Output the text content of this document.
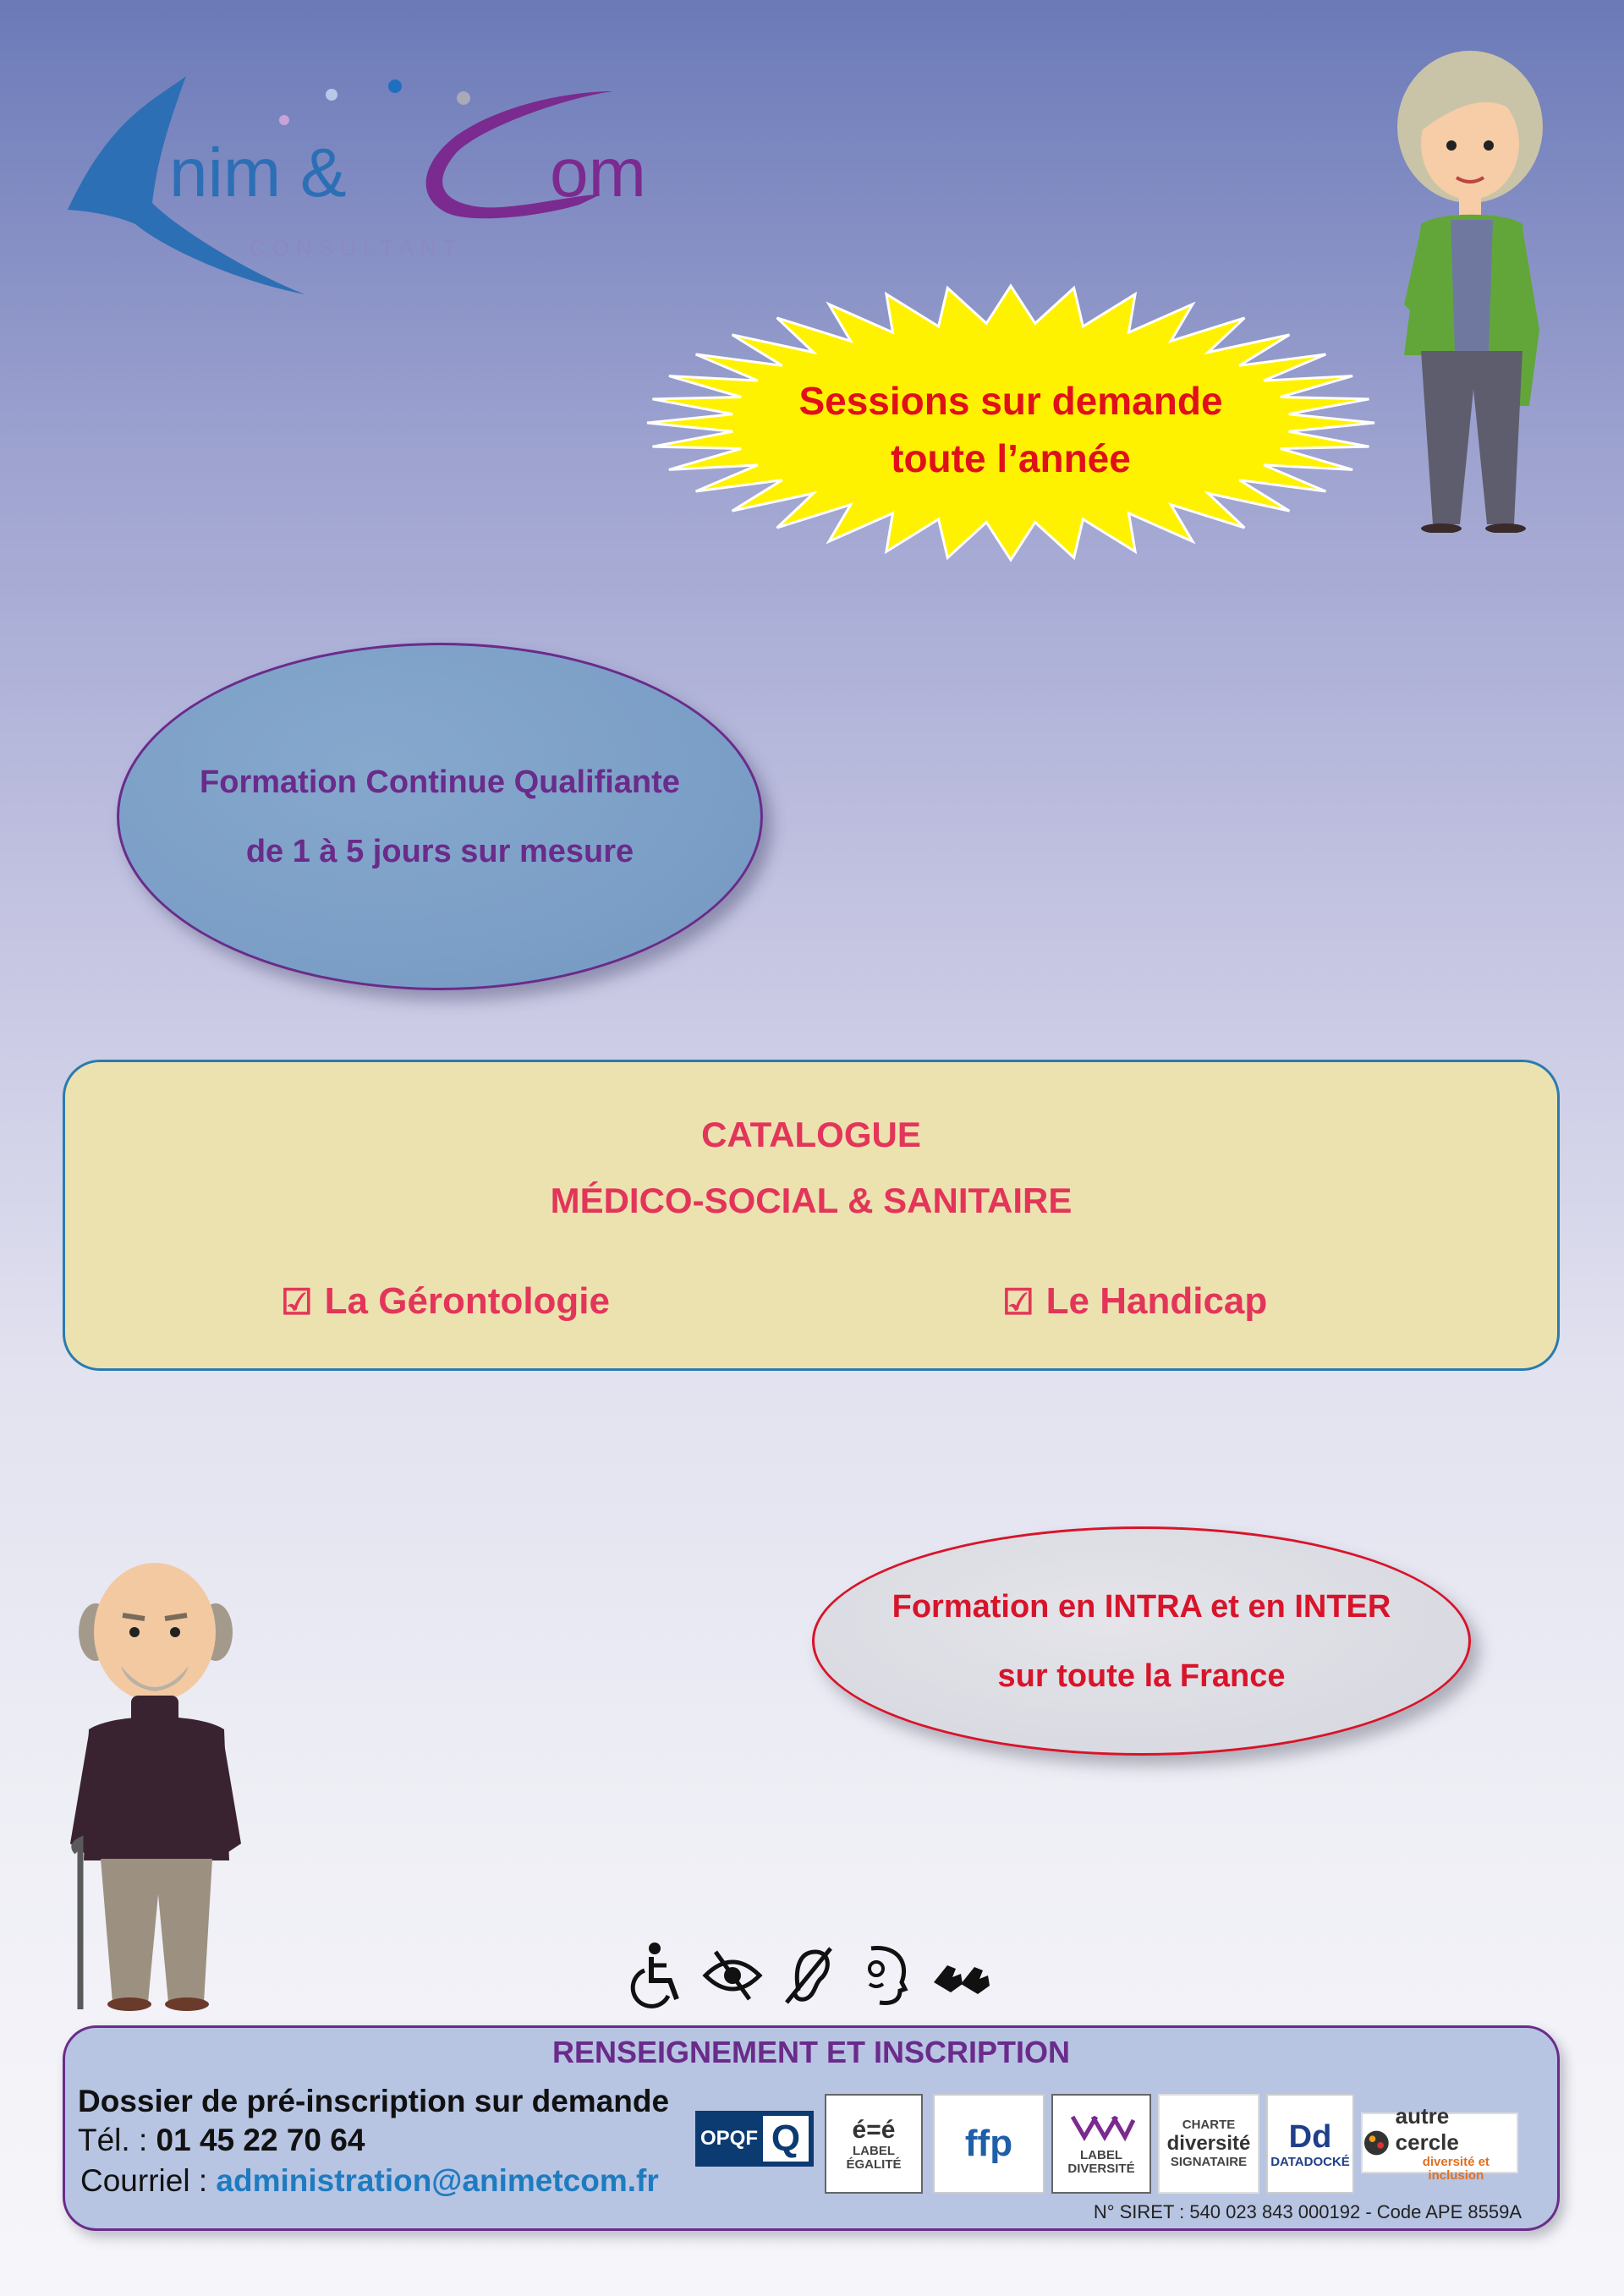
nim &	om
CONSULTANT
Sessions sur demande
toute l’année
Formation Continue Qualifiante
de 1 à 5 jours sur mesure
CATALOGUE
MÉDICO-SOCIAL & SANITAIRE
☑ La Gérontologie	☑ Le Handicap
Formation en INTRA et en INTER
sur toute la France
RENSEIGNEMENT ET INSCRIPTION
Dossier de pré-inscription sur demande
Tél. : 01 45 22 70 64
Courriel : administration@animetcom.fr
OPQF Q	é=é
LABEL ÉGALITÉ
ffp	LABEL DIVERSITÉ
CHARTE
diversité
SIGNATAIRE
Dd
DATADOCKÉ
autre cercle
diversité et inclusion
N° SIRET : 540 023 843 000192 - Code APE 8559A
